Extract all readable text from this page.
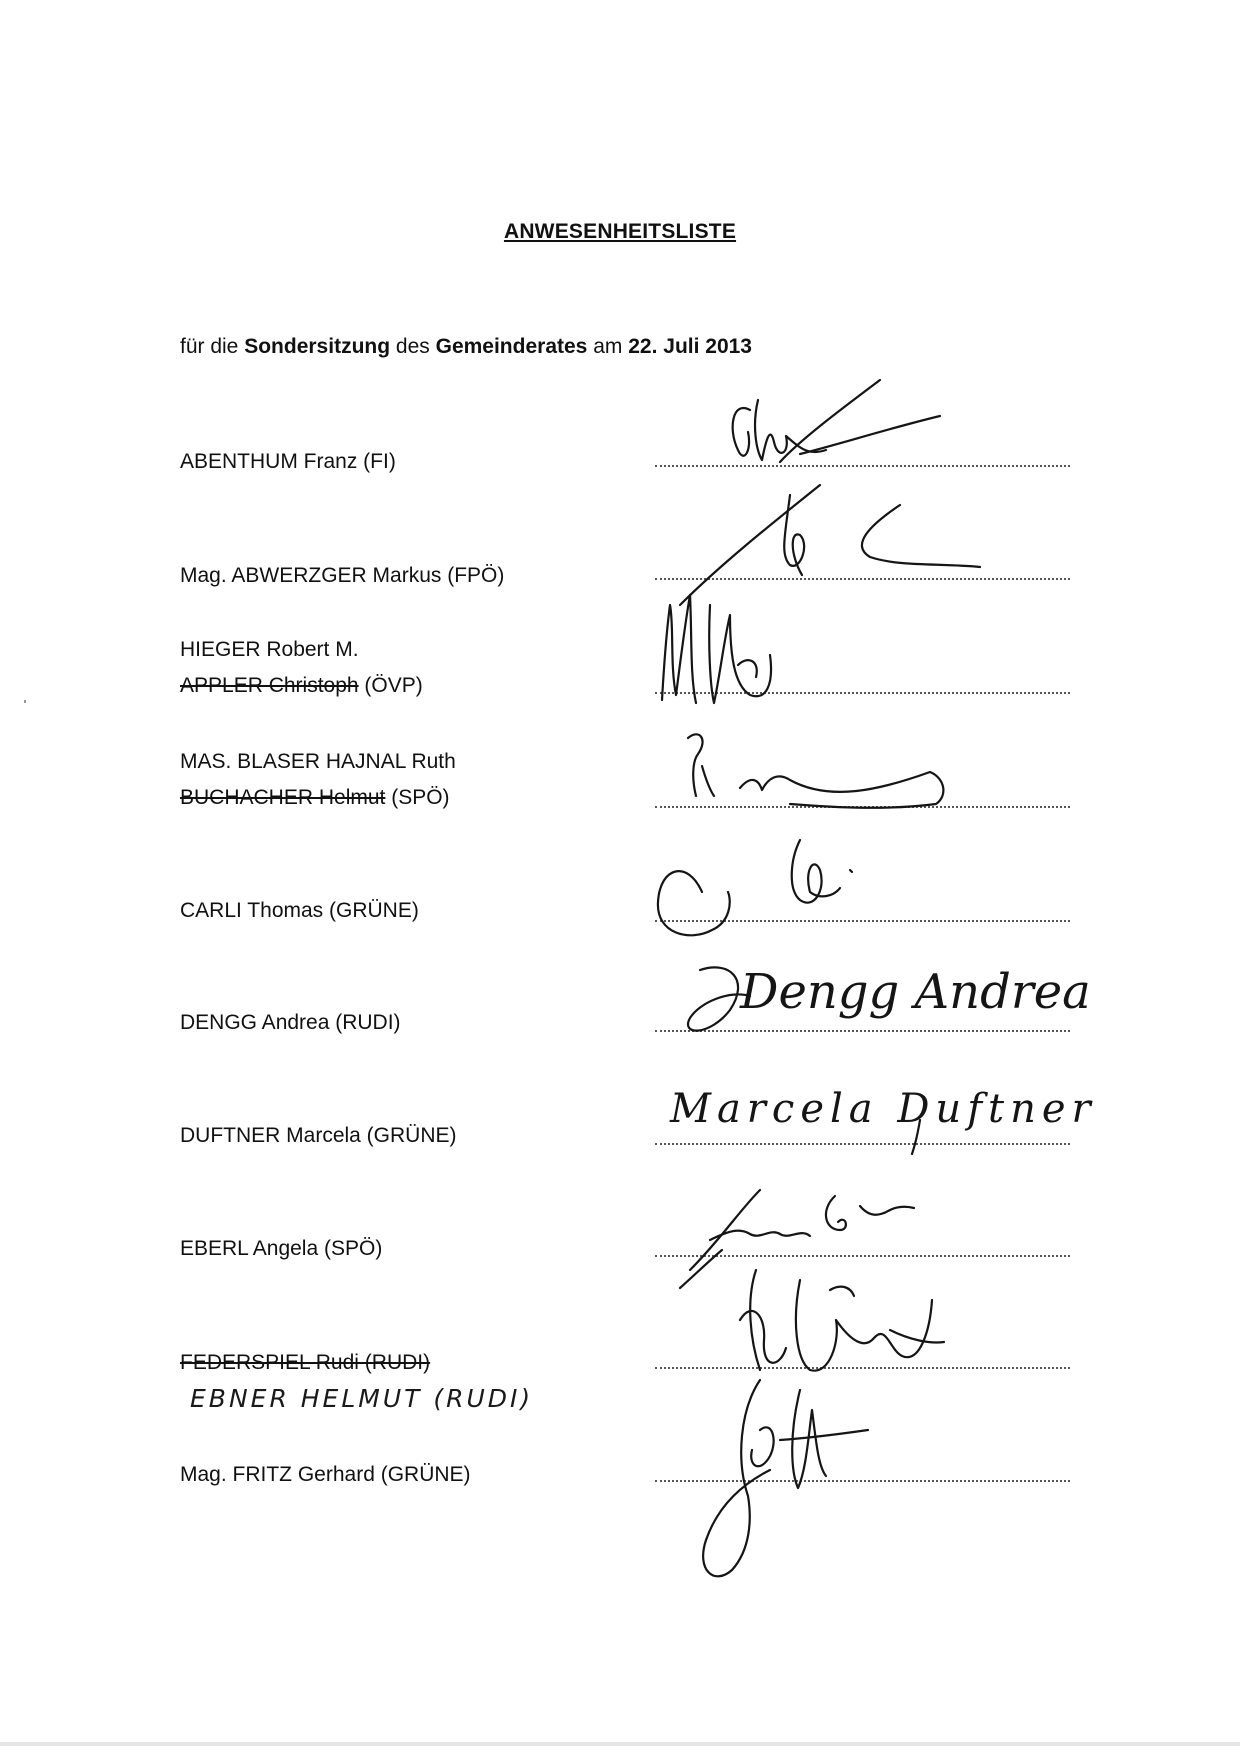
ANWESENHEITSLISTE
für die Sondersitzung des Gemeinderates am 22. Juli 2013
ABENTHUM Franz (FI)
Mag. ABWERZGER Markus (FPÖ)
HIEGER Robert M.
APPLER Christoph (ÖVP)
MAS. BLASER HAJNAL Ruth
BUCHACHER Helmut (SPÖ)
CARLI Thomas (GRÜNE)
DENGG Andrea (RUDI)
DUFTNER Marcela (GRÜNE)
EBERL Angela (SPÖ)
FEDERSPIEL Rudi (RUDI)
EBNER HELMUT (RUDI)
Mag. FRITZ Gerhard (GRÜNE)
Dengg Andrea
Marcela Duftner
